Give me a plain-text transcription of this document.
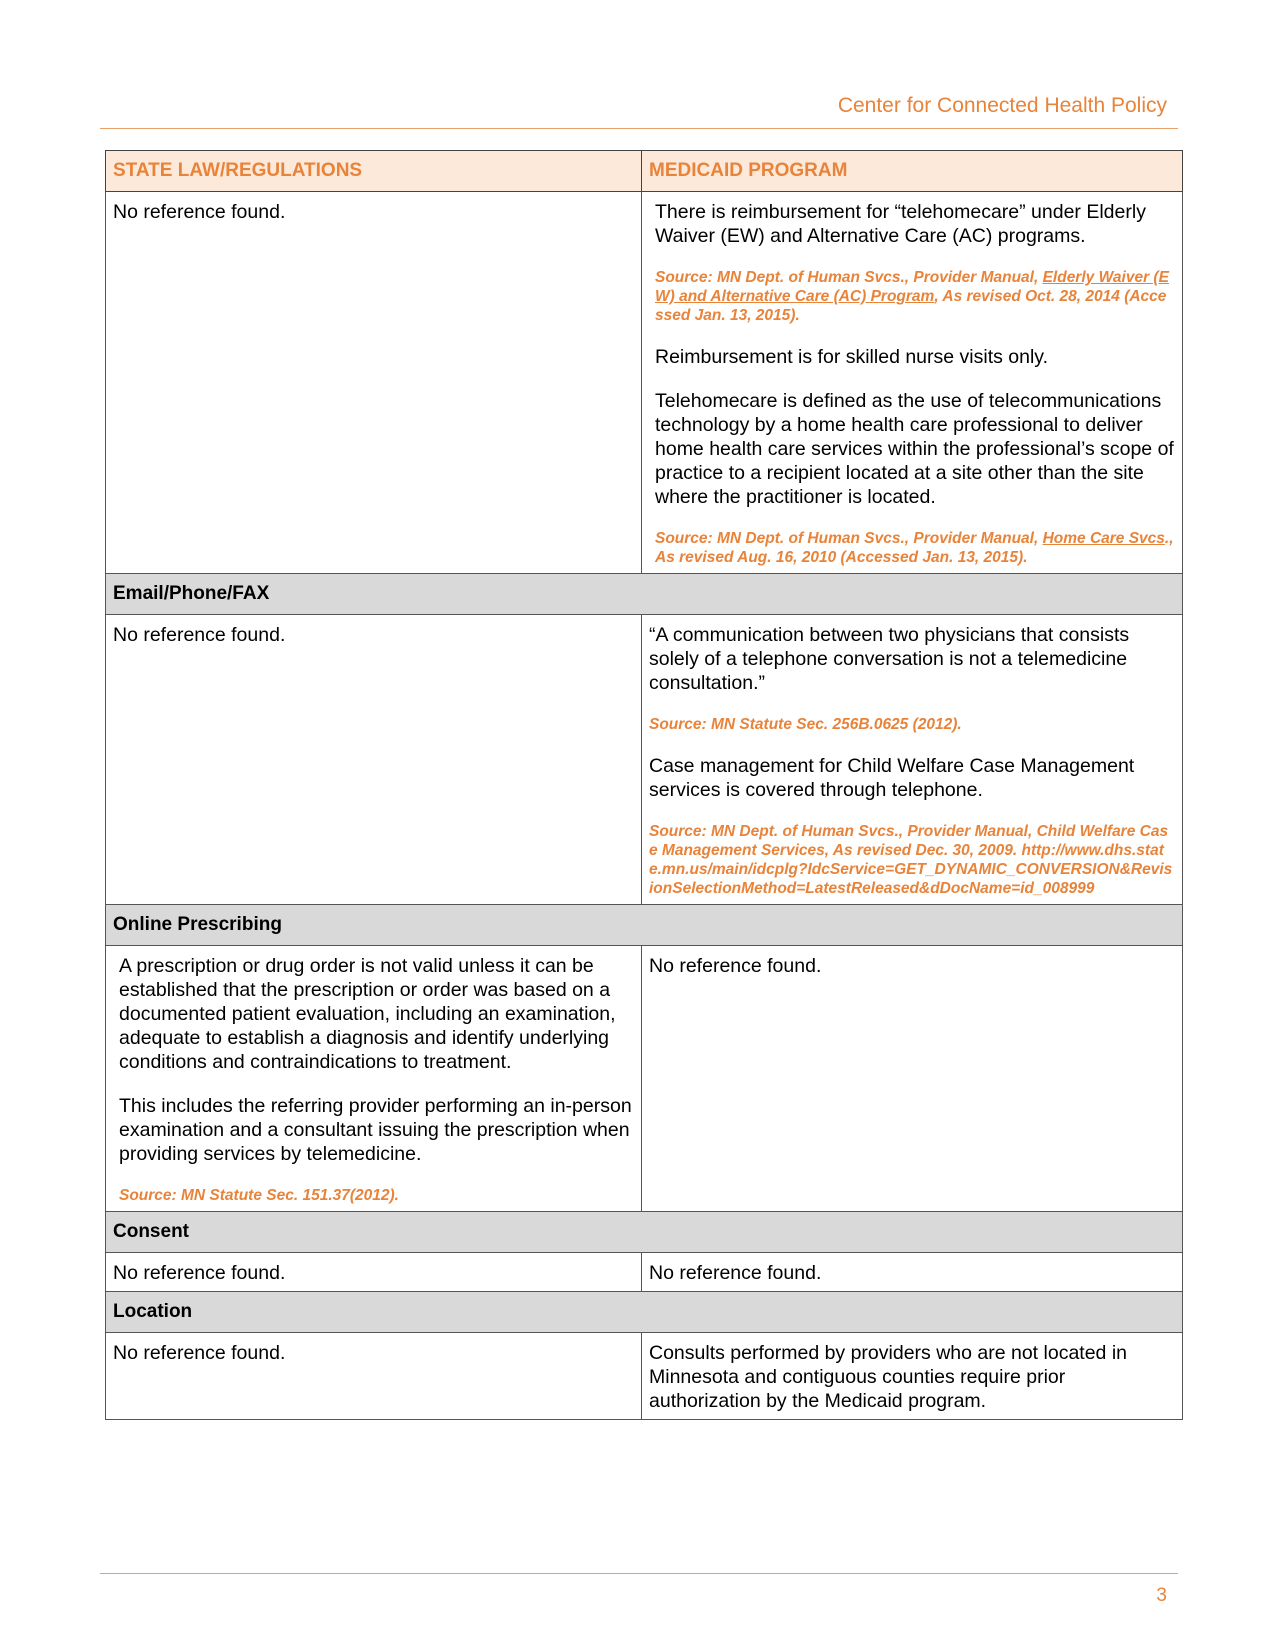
Center for Connected Health Policy
STATE LAW/REGULATIONS	MEDICAID PROGRAM

No reference found.	There is reimbursement for “telehomecare” under Elderly Waiver (EW) and Alternative Care (AC) programs.

Source: MN Dept. of Human Svcs., Provider Manual, Elderly Waiver (EW) and Alternative Care (AC) Program, As revised Oct. 28, 2014 (Accessed Jan. 13, 2015).

Reimbursement is for skilled nurse visits only.

Telehomecare is defined as the use of telecommunications technology by a home health care professional to deliver home health care services within the professional’s scope of practice to a recipient located at a site other than the site where the practitioner is located.

Source: MN Dept. of Human Svcs., Provider Manual, Home Care Svcs., As revised Aug. 16, 2010 (Accessed Jan. 13, 2015).

Email/Phone/FAX	

No reference found.	“A communication between two physicians that consists solely of a telephone conversation is not a telemedicine consultation.”

Source: MN Statute Sec. 256B.0625 (2012).

Case management for Child Welfare Case Management services is covered through telephone.

Source: MN Dept. of Human Svcs., Provider Manual, Child Welfare Case Management Services, As revised Dec. 30, 2009. http://www.dhs.state.mn.us/main/idcplg?IdcService=GET_DYNAMIC_CONVERSION&RevisionSelectionMethod=LatestReleased&dDocName=id_008999

Online Prescribing	

A prescription or drug order is not valid unless it can be established that the prescription or order was based on a documented patient evaluation, including an examination, adequate to establish a diagnosis and identify underlying conditions and contraindications to treatment.

This includes the referring provider performing an in-person examination and a consultant issuing the prescription when providing services by telemedicine.

Source: MN Statute Sec. 151.37(2012).	No reference found.

Consent	
No reference found.	No reference found.
Location	
No reference found.	Consults performed by providers who are not located in Minnesota and contiguous counties require prior authorization by the Medicaid program.
3
